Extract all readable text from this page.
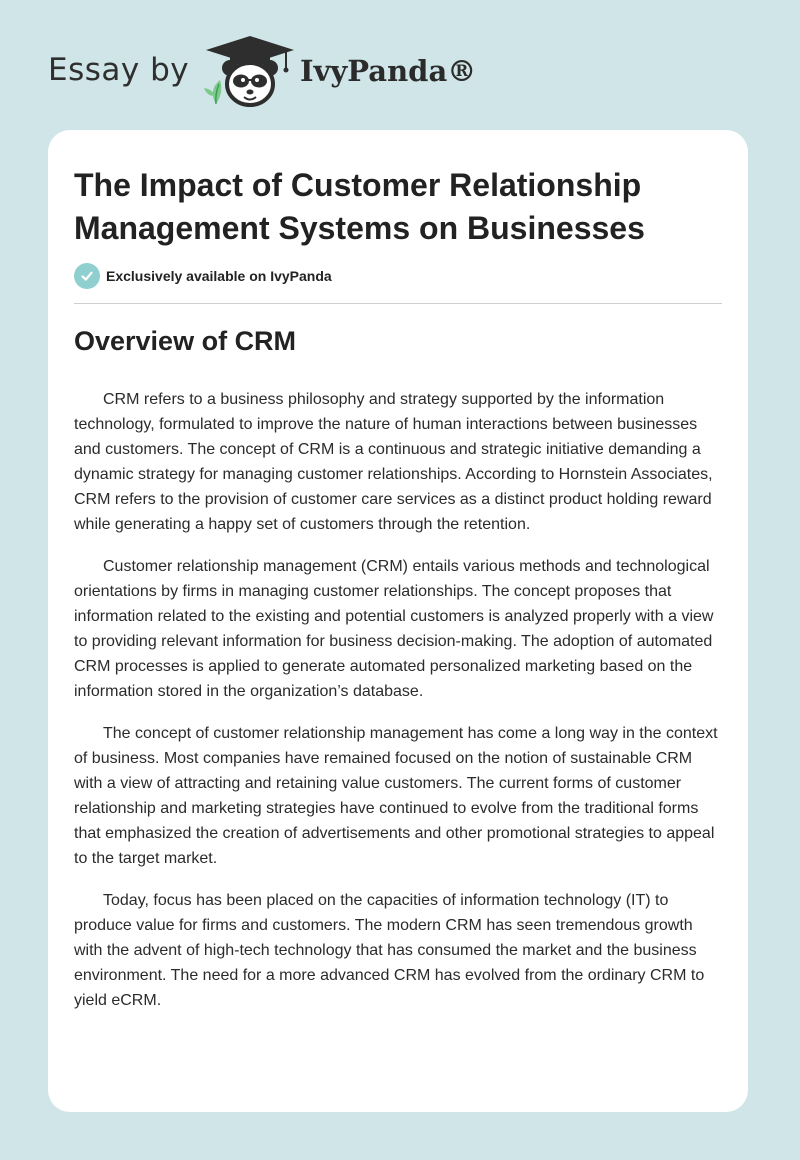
Essay by	IvyPanda®
The Impact of Customer Relationship Management Systems on Businesses
Exclusively available on IvyPanda
Overview of CRM

CRM refers to a business philosophy and strategy supported by the information technology, formulated to improve the nature of human interactions between businesses and customers. The concept of CRM is a continuous and strategic initiative demanding a dynamic strategy for managing customer relationships. According to Hornstein Associates, CRM refers to the provision of customer care services as a distinct product holding reward while generating a happy set of customers through the retention.

Customer relationship management (CRM) entails various methods and technological orientations by firms in managing customer relationships. The concept proposes that information related to the existing and potential customers is analyzed properly with a view to providing relevant information for business decision-making. The adoption of automated CRM processes is applied to generate automated personalized marketing based on the information stored in the organization’s database.

The concept of customer relationship management has come a long way in the context of business. Most companies have remained focused on the notion of sustainable CRM with a view of attracting and retaining value customers. The current forms of customer relationship and marketing strategies have continued to evolve from the traditional forms that emphasized the creation of advertisements and other promotional strategies to appeal to the target market.

Today, focus has been placed on the capacities of information technology (IT) to produce value for firms and customers. The modern CRM has seen tremendous growth with the advent of high-tech technology that has consumed the market and the business environment. The need for a more advanced CRM has evolved from the ordinary CRM to yield eCRM.
